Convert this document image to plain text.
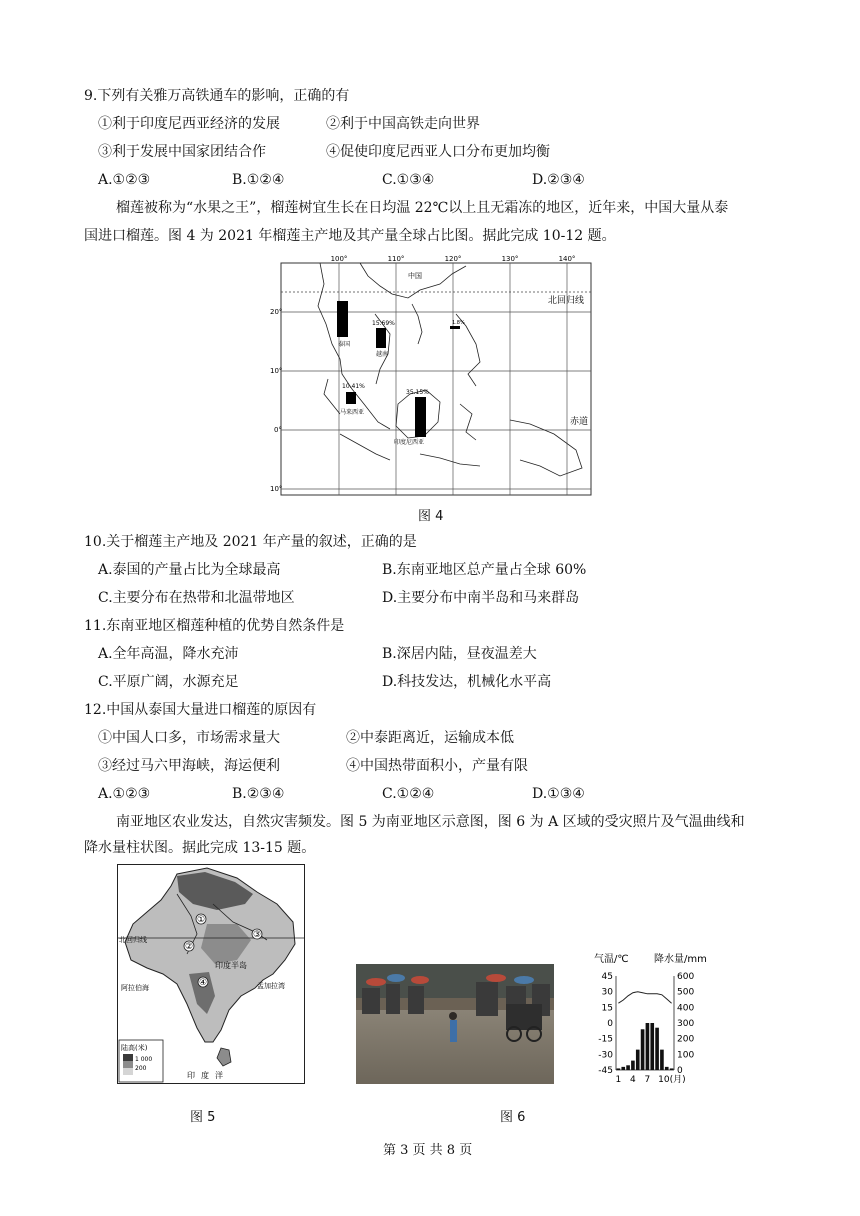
9.下列有关雅万高铁通车的影响，正确的有
①利于印度尼西亚经济的发展	②利于中国高铁走向世界
③利于发展中国家团结合作	④促使印度尼西亚人口分布更加均衡
A.①②③	B.①②④	C.①③④	D.②③④
榴莲被称为“水果之王”，榴莲树宜生长在日均温 22℃以上且无霜冻的地区，近年来，中国大量从泰
国进口榴莲。图 4 为 2021 年榴莲主产地及其产量全球占比图。据此完成 10-12 题。
100°	110°	120°	130°	140°
20°
10°
0°
10°
中国
北回归线
赤道
泰国
越南
马来西亚
印度尼西亚
15.69%	1.8%
10.41%
35.15%
图 4
10.关于榴莲主产地及 2021 年产量的叙述，正确的是
A.泰国的产量占比为全球最高	B.东南亚地区总产量占全球 60%
C.主要分布在热带和北温带地区	D.主要分布中南半岛和马来群岛
11.东南亚地区榴莲种植的优势自然条件是
A.全年高温，降水充沛	B.深居内陆，昼夜温差大
C.平原广阔，水源充足	D.科技发达，机械化水平高
12.中国从泰国大量进口榴莲的原因有
①中国人口多，市场需求量大	②中泰距离近，运输成本低
③经过马六甲海峡，海运便利	④中国热带面积小，产量有限
A.①②③	B.②③④	C.①②④	D.①③④
南亚地区农业发达，自然灾害频发。图 5 为南亚地区示意图，图 6 为 A 区域的受灾照片及气温曲线和
降水量柱状图。据此完成 13-15 题。
①
②
③
④
北回归线
印度半岛
阿拉伯海	孟加拉湾
印度洋
陆高(米)
1 000
200
图 5
气温/℃	降水量/mm
45
30
15
0
-15
-30
-45
600
500
400
300
200
100
0
1 4 7 10(月)
图 6
第 3 页 共 8 页
